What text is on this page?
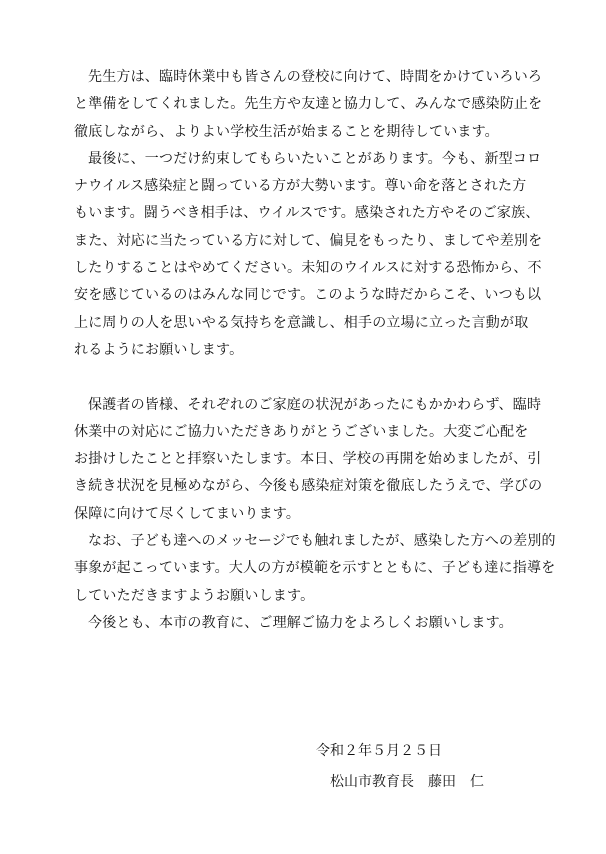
先生方は、臨時休業中も皆さんの登校に向けて、時間をかけていろいろ
と準備をしてくれました。先生方や友達と協力して、みんなで感染防止を
徹底しながら、よりよい学校生活が始まることを期待しています。

最後に、一つだけ約束してもらいたいことがあります。今も、新型コロ
ナウイルス感染症と闘っている方が大勢います。尊い命を落とされた方
もいます。闘うべき相手は、ウイルスです。感染された方やそのご家族、
また、対応に当たっている方に対して、偏見をもったり、ましてや差別を
したりすることはやめてください。未知のウイルスに対する恐怖から、不
安を感じているのはみんな同じです。このような時だからこそ、いつも以
上に周りの人を思いやる気持ちを意識し、相手の立場に立った言動が取
れるようにお願いします。

保護者の皆様、それぞれのご家庭の状況があったにもかかわらず、臨時
休業中の対応にご協力いただきありがとうございました。大変ご心配を
お掛けしたことと拝察いたします。本日、学校の再開を始めましたが、引
き続き状況を見極めながら、今後も感染症対策を徹底したうえで、学びの
保障に向けて尽くしてまいります。

なお、子ども達へのメッセージでも触れましたが、感染した方への差別的
事象が起こっています。大人の方が模範を示すとともに、子ども達に指導を
していただきますようお願いします。

今後とも、本市の教育に、ご理解ご協力をよろしくお願いします。

令和２年５月２５日
松山市教育長　藤田　仁
